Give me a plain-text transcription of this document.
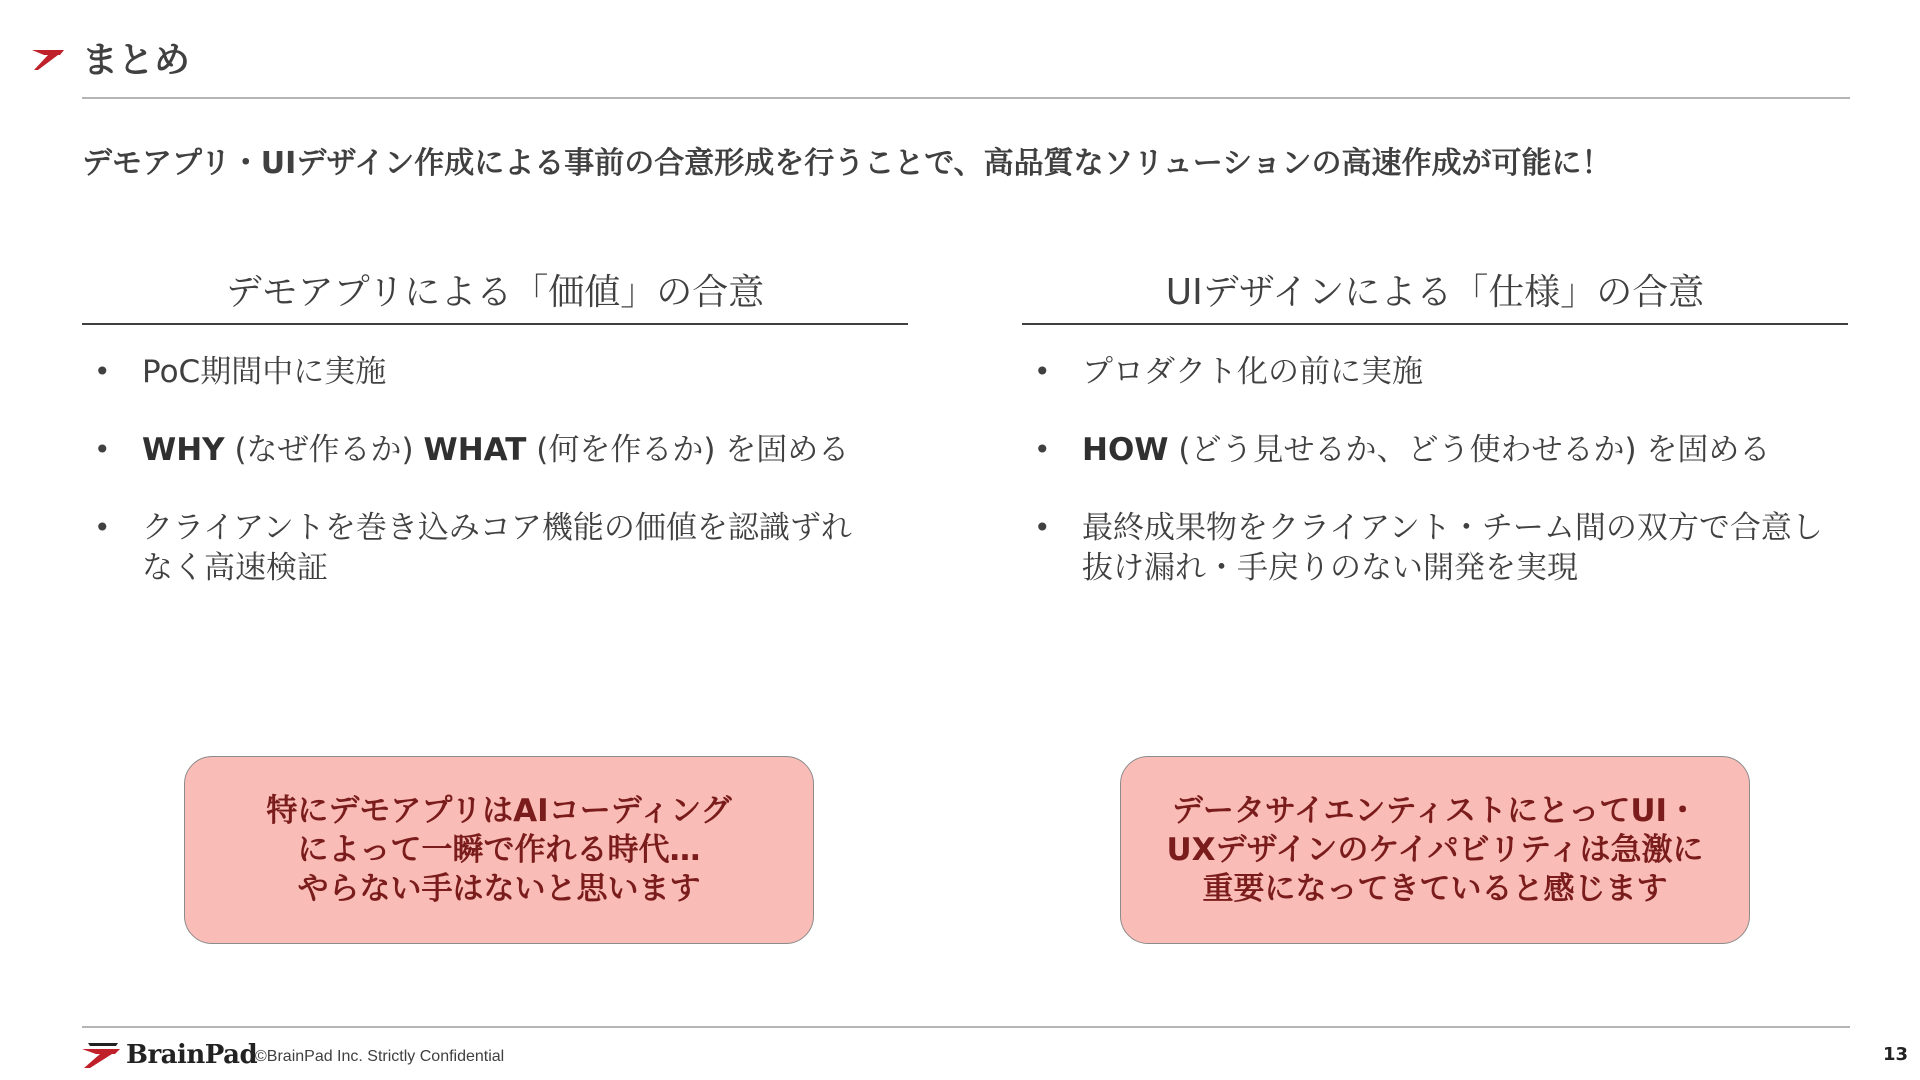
まとめ
デモアプリ・UIデザイン作成による事前の合意形成を行うことで、高品質なソリューションの高速作成が可能に！
デモアプリによる「価値」の合意
• PoC期間中に実施
• WHY (なぜ作るか) WHAT (何を作るか) を固める
• クライアントを巻き込みコア機能の価値を認識ずれなく高速検証
特にデモアプリはAIコーディング
によって一瞬で作れる時代…
やらない手はないと思います
UIデザインによる「仕様」の合意
• プロダクト化の前に実施
• HOW (どう見せるか、どう使わせるか) を固める
• 最終成果物をクライアント・チーム間の双方で合意し抜け漏れ・手戻りのない開発を実現
データサイエンティストにとってUI・
UXデザインのケイパビリティは急激に
重要になってきていると感じます
BrainPad
©BrainPad Inc. Strictly Confidential	13
